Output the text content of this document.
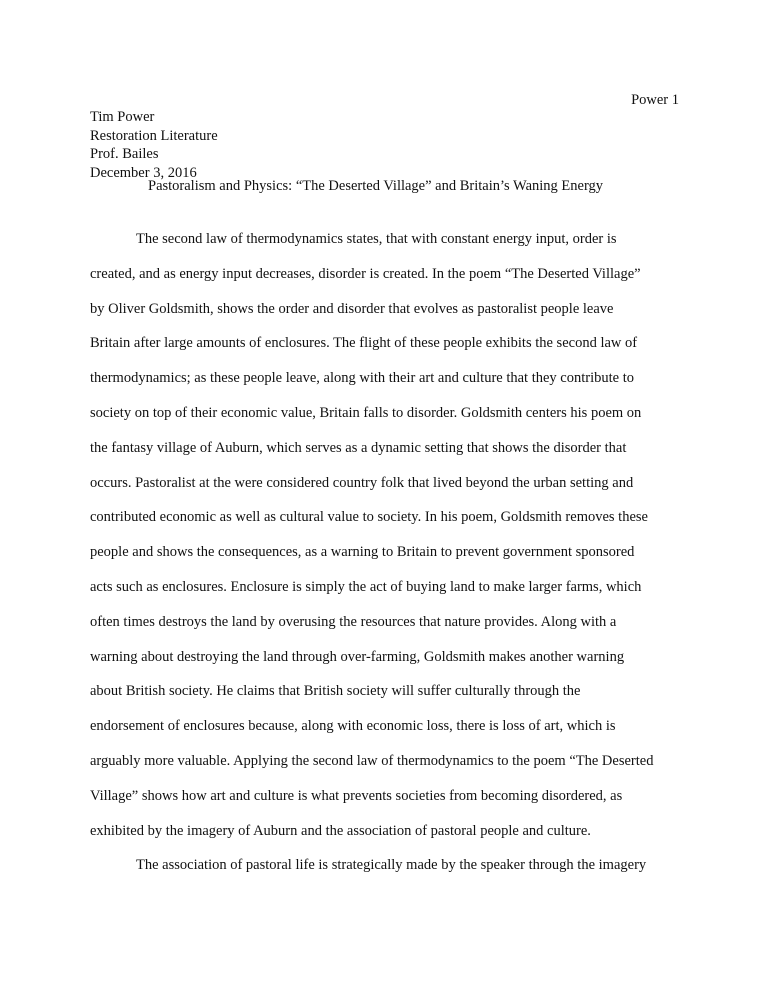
Power 1
Tim Power
Restoration Literature
Prof. Bailes
December 3, 2016
Pastoralism and Physics: “The Deserted Village” and Britain’s Waning Energy
The second law of thermodynamics states, that with constant energy input, order is
created, and as energy input decreases, disorder is created. In the poem “The Deserted Village”
by Oliver Goldsmith, shows the order and disorder that evolves as pastoralist people leave
Britain after large amounts of enclosures. The flight of these people exhibits the second law of
thermodynamics; as these people leave, along with their art and culture that they contribute to
society on top of their economic value, Britain falls to disorder. Goldsmith centers his poem on
the fantasy village of Auburn, which serves as a dynamic setting that shows the disorder that
occurs. Pastoralist at the were considered country folk that lived beyond the urban setting and
contributed economic as well as cultural value to society. In his poem, Goldsmith removes these
people and shows the consequences, as a warning to Britain to prevent government sponsored
acts such as enclosures. Enclosure is simply the act of buying land to make larger farms, which
often times destroys the land by overusing the resources that nature provides. Along with a
warning about destroying the land through over-farming, Goldsmith makes another warning
about British society. He claims that British society will suffer culturally through the
endorsement of enclosures because, along with economic loss, there is loss of art, which is
arguably more valuable. Applying the second law of thermodynamics to the poem “The Deserted
Village” shows how art and culture is what prevents societies from becoming disordered, as
exhibited by the imagery of Auburn and the association of pastoral people and culture.
The association of pastoral life is strategically made by the speaker through the imagery
